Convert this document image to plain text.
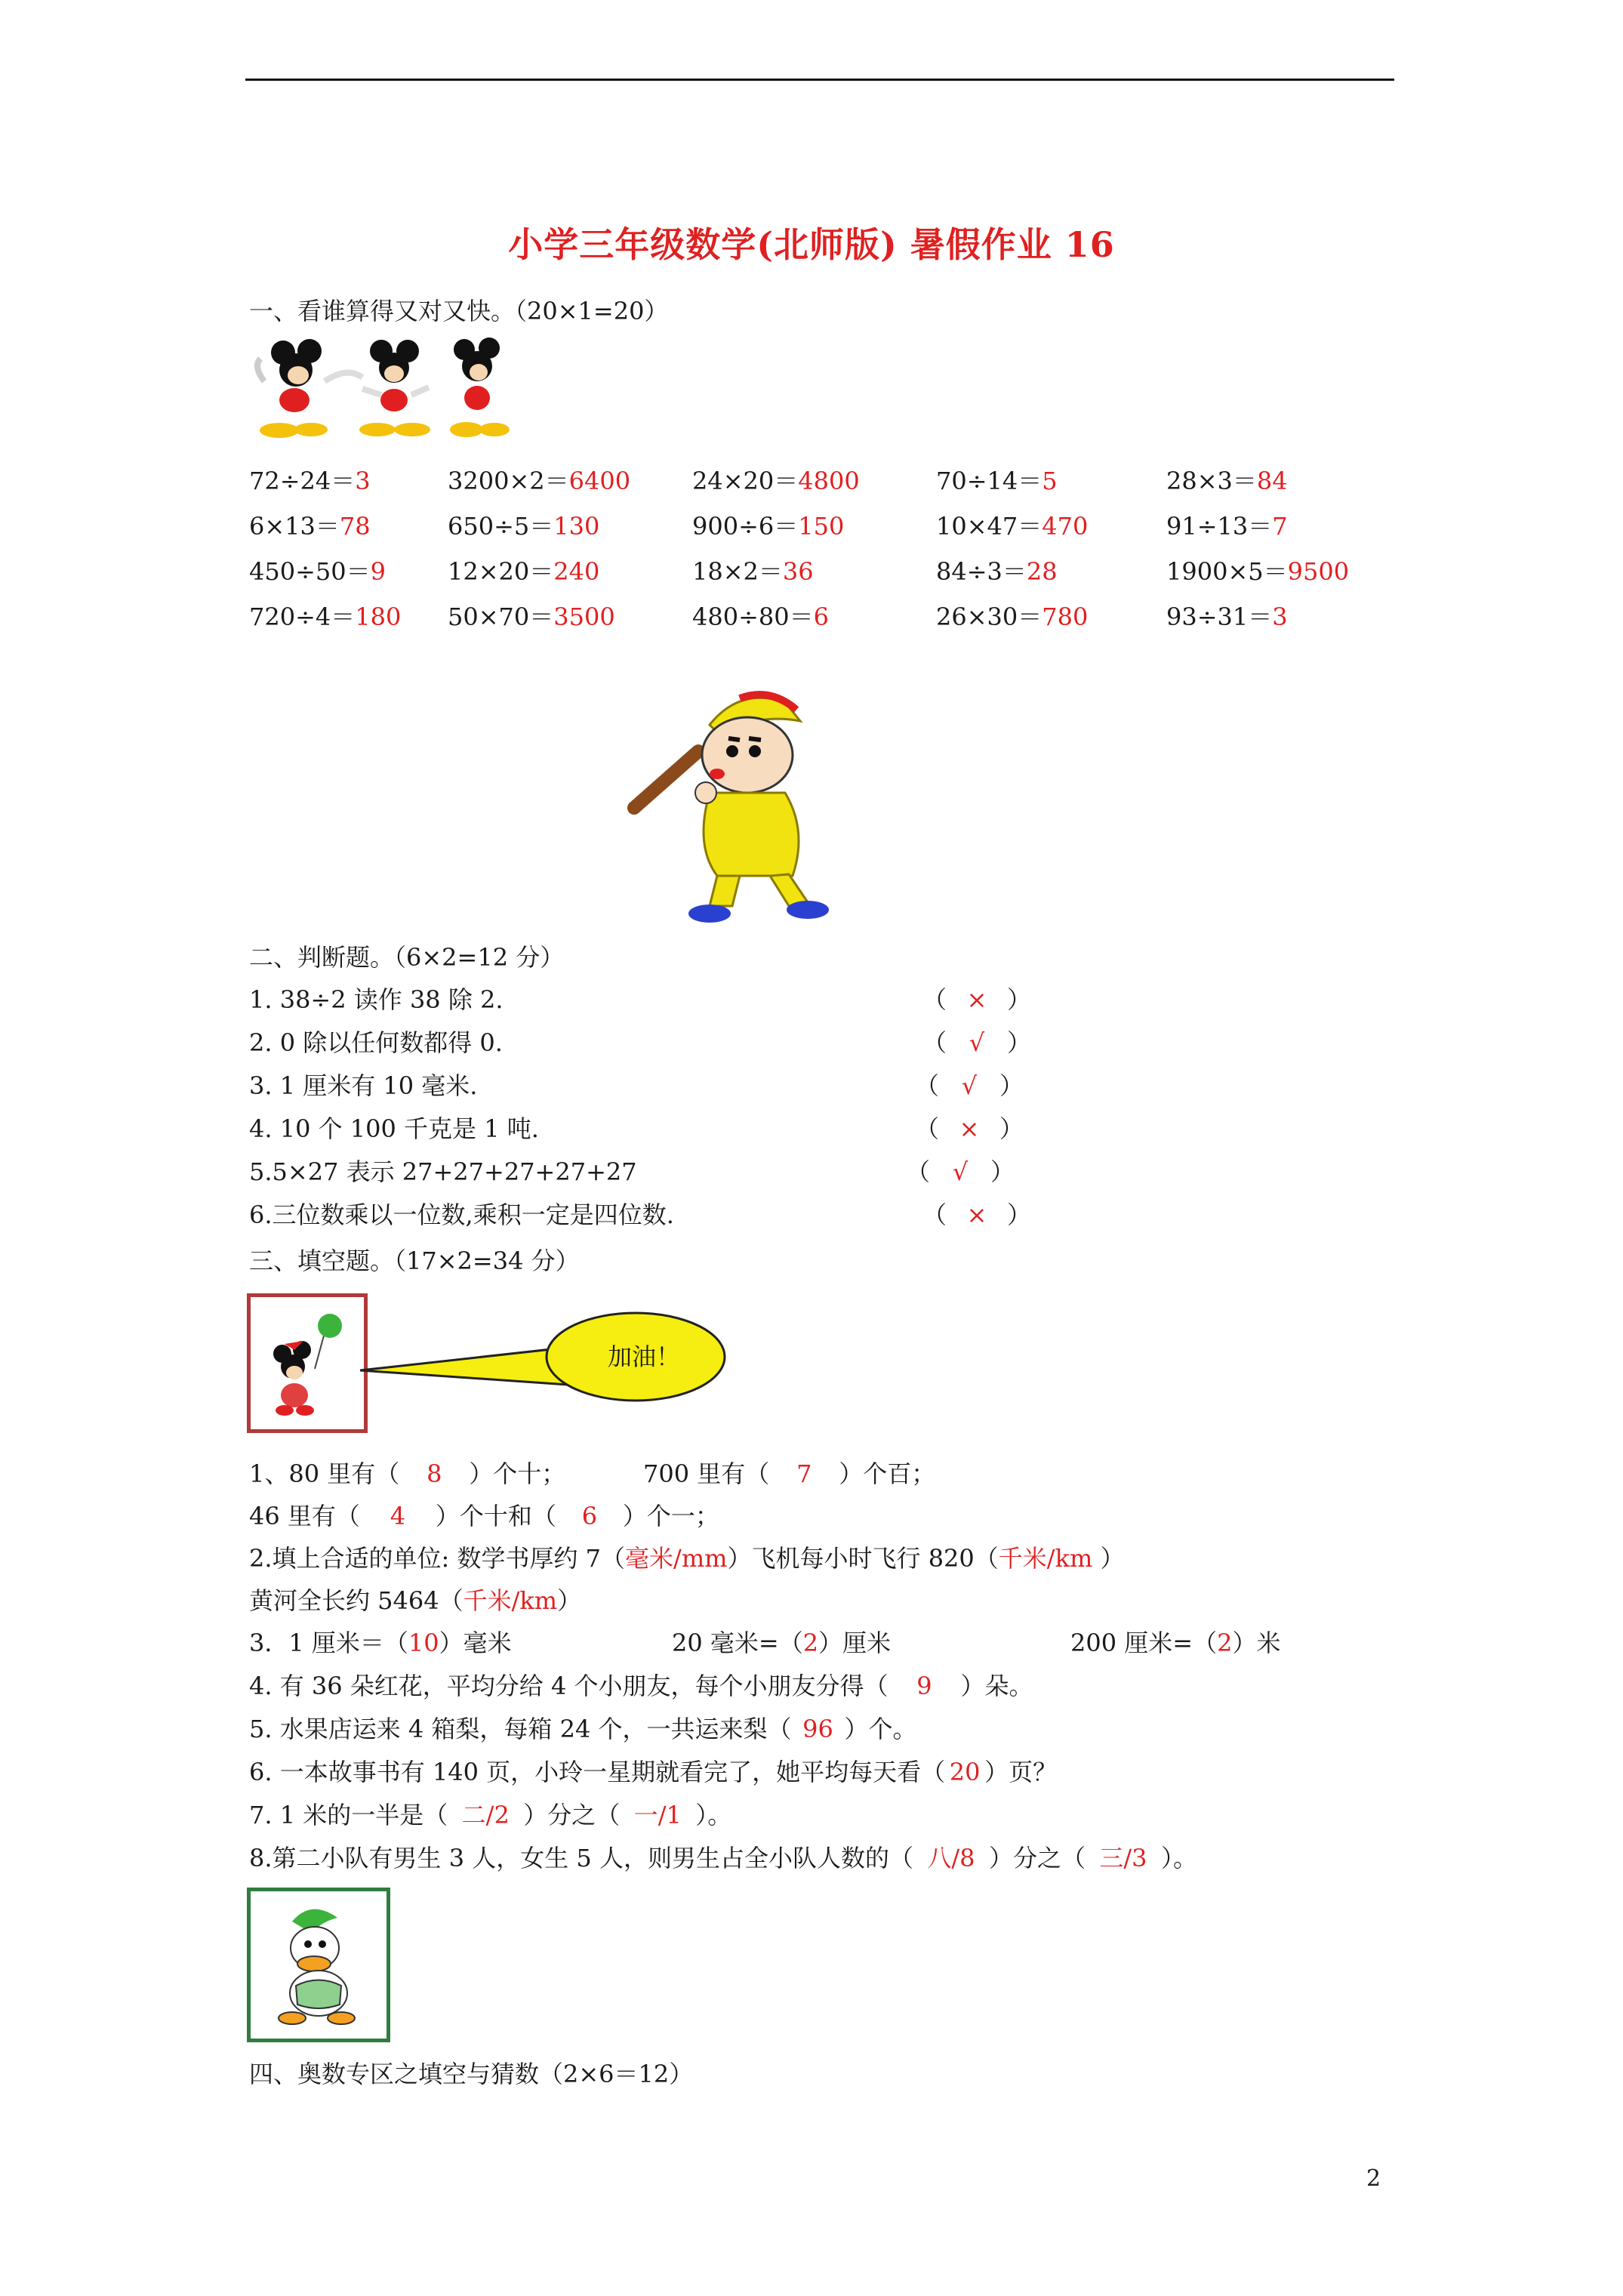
小学三年级数学(北师版) 暑假作业 16
一、看谁算得又对又快。（20×1=20）
72÷24＝3	3200×2＝6400	24×20＝4800	70÷14＝5	28×3＝84
6×13＝78	650÷5＝130	900÷6＝150	10×47＝470	91÷13＝7
450÷50＝9	12×20＝240	18×2＝36	84÷3＝28	1900×5＝9500
720÷4＝180 50×70＝3500	480÷80＝6	26×30＝780	93÷31＝3
二、判断题。（6×2=12 分）
1. 38÷2 读作 38 除 2.	（ × ）
2. 0 除以任何数都得 0.	（ √ ）
3. 1 厘米有 10 毫米.	（ √ ）
4. 10 个 100 千克是 1 吨.	（ × ）
5.5×27 表示 27+27+27+27+27	（ √ ）
6.三位数乘以一位数,乘积一定是四位数.	（ × ）
三、填空题。（17×2=34 分）
加油！
1、80 里有（ 8 ）个十；	700 里有（ 7 ）个百；
46 里有（ 4 ）个十和（ 6 ）个一；
2.填上合适的单位: 数学书厚约 7（毫米/mm）飞机每小时飞行 820（千米/km ）
黄河全长约 5464（千米/km）
3．1 厘米＝（10）毫米	20 毫米=（2）厘米	200 厘米=（2）米
4. 有 36 朵红花，平均分给 4 个小朋友，每个小朋友分得（ 9 ）朵。
5. 水果店运来 4 箱梨，每箱 24 个，一共运来梨（ 96 ）个。
6. 一本故事书有 140 页，小玲一星期就看完了，她平均每天看（ 20 ）页？
7. 1 米的一半是（ 二/2 ）分之（ 一/1 ）。
8.第二小队有男生 3 人，女生 5 人，则男生占全小队人数的（ 八/8 ）分之（ 三/3 ）。
四、奥数专区之填空与猜数（2×6＝12）
2
